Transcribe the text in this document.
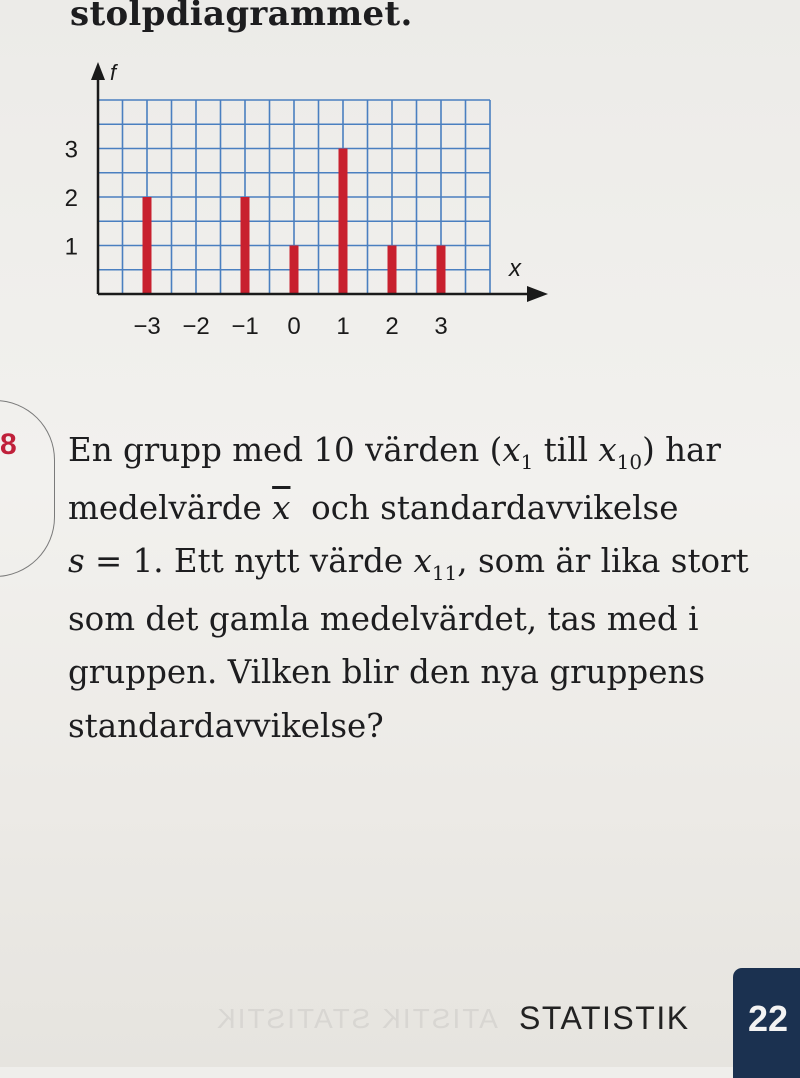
stolpdiagrammet.
−3 −2 −1 0 1 2 3
1
2
3
f
x
8 En grupp med 10 värden ($x_1$ till $x_{10}$) har
medelvärde $\overline{x}$  och standardavvikelse
s = 1. Ett nytt värde $x_{11}$, som är lika stort
som det gamla medelvärdet, tas med i
gruppen. Vilken blir den nya gruppens
standardavvikelse?
ATISTIK STATISTIK STATISTIK 22
